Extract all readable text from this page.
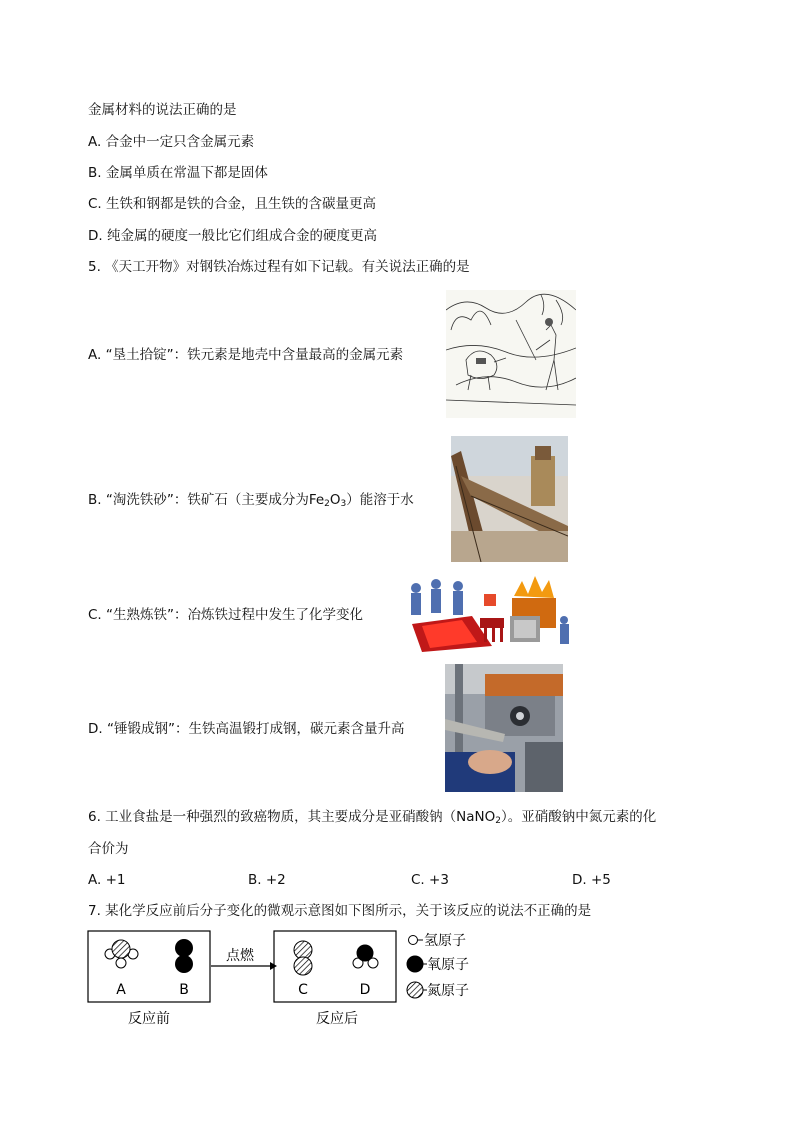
金属材料的说法正确的是
A. 合金中一定只含金属元素
B. 金属单质在常温下都是固体
C. 生铁和钢都是铁的合金，且生铁的含碳量更高
D. 纯金属的硬度一般比它们组成合金的硬度更高
5. 《天工开物》对钢铁冶炼过程有如下记载。有关说法正确的是
A. “垦土拾锭”：铁元素是地壳中含量最高的金属元素
B. “淘洗铁砂”：铁矿石（主要成分为$Fe_2O_3$）能溶于水
C. “生熟炼铁”：冶炼铁过程中发生了化学变化
D. “锤锻成钢”：生铁高温锻打成钢，碳元素含量升高
6. 工业食盐是一种强烈的致癌物质，其主要成分是亚硝酸钠（NaNO$_2$）。亚硝酸钠中氮元素的化
合价为
A. +1	B. +2	C. +3	D. +5
7. 某化学反应前后分子变化的微观示意图如下图所示，关于该反应的说法不正确的是
A	B
点燃
C	D
反应前	反应后
氢原子
氧原子
氮原子
